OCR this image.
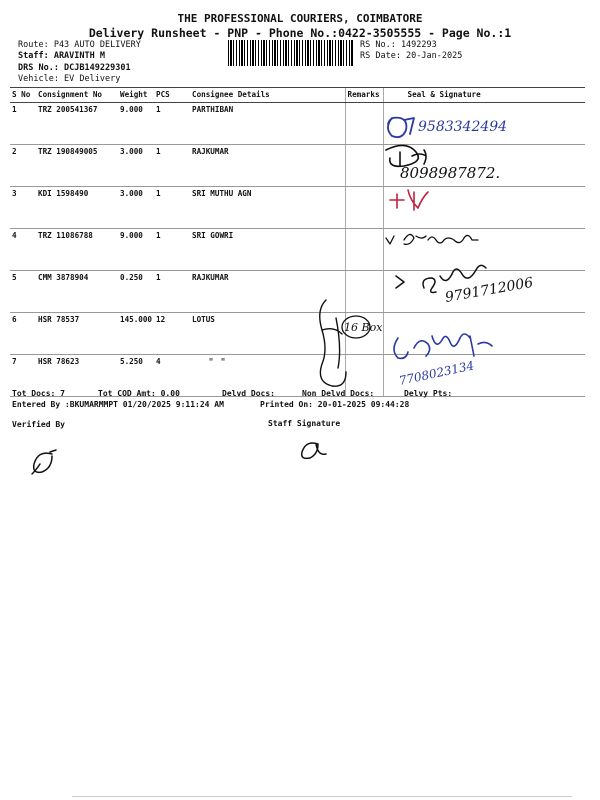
THE PROFESSIONAL COURIERS, COIMBATORE
Delivery Runsheet - PNP - Phone No.:0422-3505555 - Page No.:1
Route: P43 AUTO DELIVERY
Staff: ARAVINTH M
DRS No.: DCJB149229301
Vehicle: EV Delivery
RS No.: 1492293
RS Date: 20-Jan-2025
S No	Consignment No	Weight	PCS	Consignee Details	Remarks	Seal & Signature
1	TRZ 200541367	9.000	1	PARTHIBAN		
2	TRZ 190849005	3.000	1	RAJKUMAR		
3	KDI 1598490	3.000	1	SRI MUTHU AGN		
4	TRZ 11086788	9.000	1	SRI GOWRI		
5	CMM 3878904	0.250	1	RAJKUMAR		
6	HSR 78537	145.000	12	LOTUS		
7	HSR 78623	5.250	4	" "		
9583342494
8098987872.
9791712006
16 Box
7708023134
Tot Docs: 7	Tot COD Amt: 0.00	Delvd Docs:	Non Delvd Docs:	Delvy Pts:
Entered By :BKUMARMMPT 01/20/2025 9:11:24 AM	Printed On: 20-01-2025 09:44:28
Verified By	Staff Signature
